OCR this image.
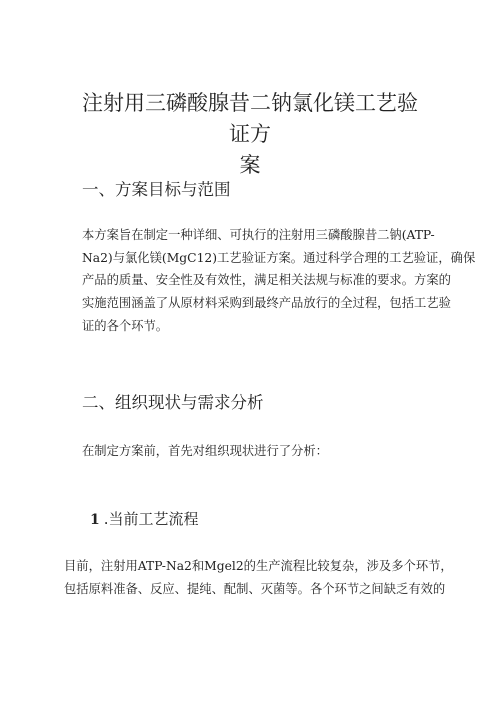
注射用三磷酸腺昔二钠氯化镁工艺验证方
案
一、方案目标与范围
本方案旨在制定一种详细、可执行的注射用三磷酸腺昔二钠(ATP-
Na2)与氯化镁(MgC12)工艺验证方案。通过科学合理的工艺验证，确保
产品的质量、安全性及有效性，满足相关法规与标准的要求。方案的
实施范围涵盖了从原材料采购到最终产品放行的全过程，包括工艺验
证的各个环节。
二、组织现状与需求分析
在制定方案前，首先对组织现状进行了分析：
1 .当前工艺流程
目前，注射用ATP-Na2和Mgel2的生产流程比较复杂，涉及多个环节，
包括原料准备、反应、提纯、配制、灭菌等。各个环节之间缺乏有效的
